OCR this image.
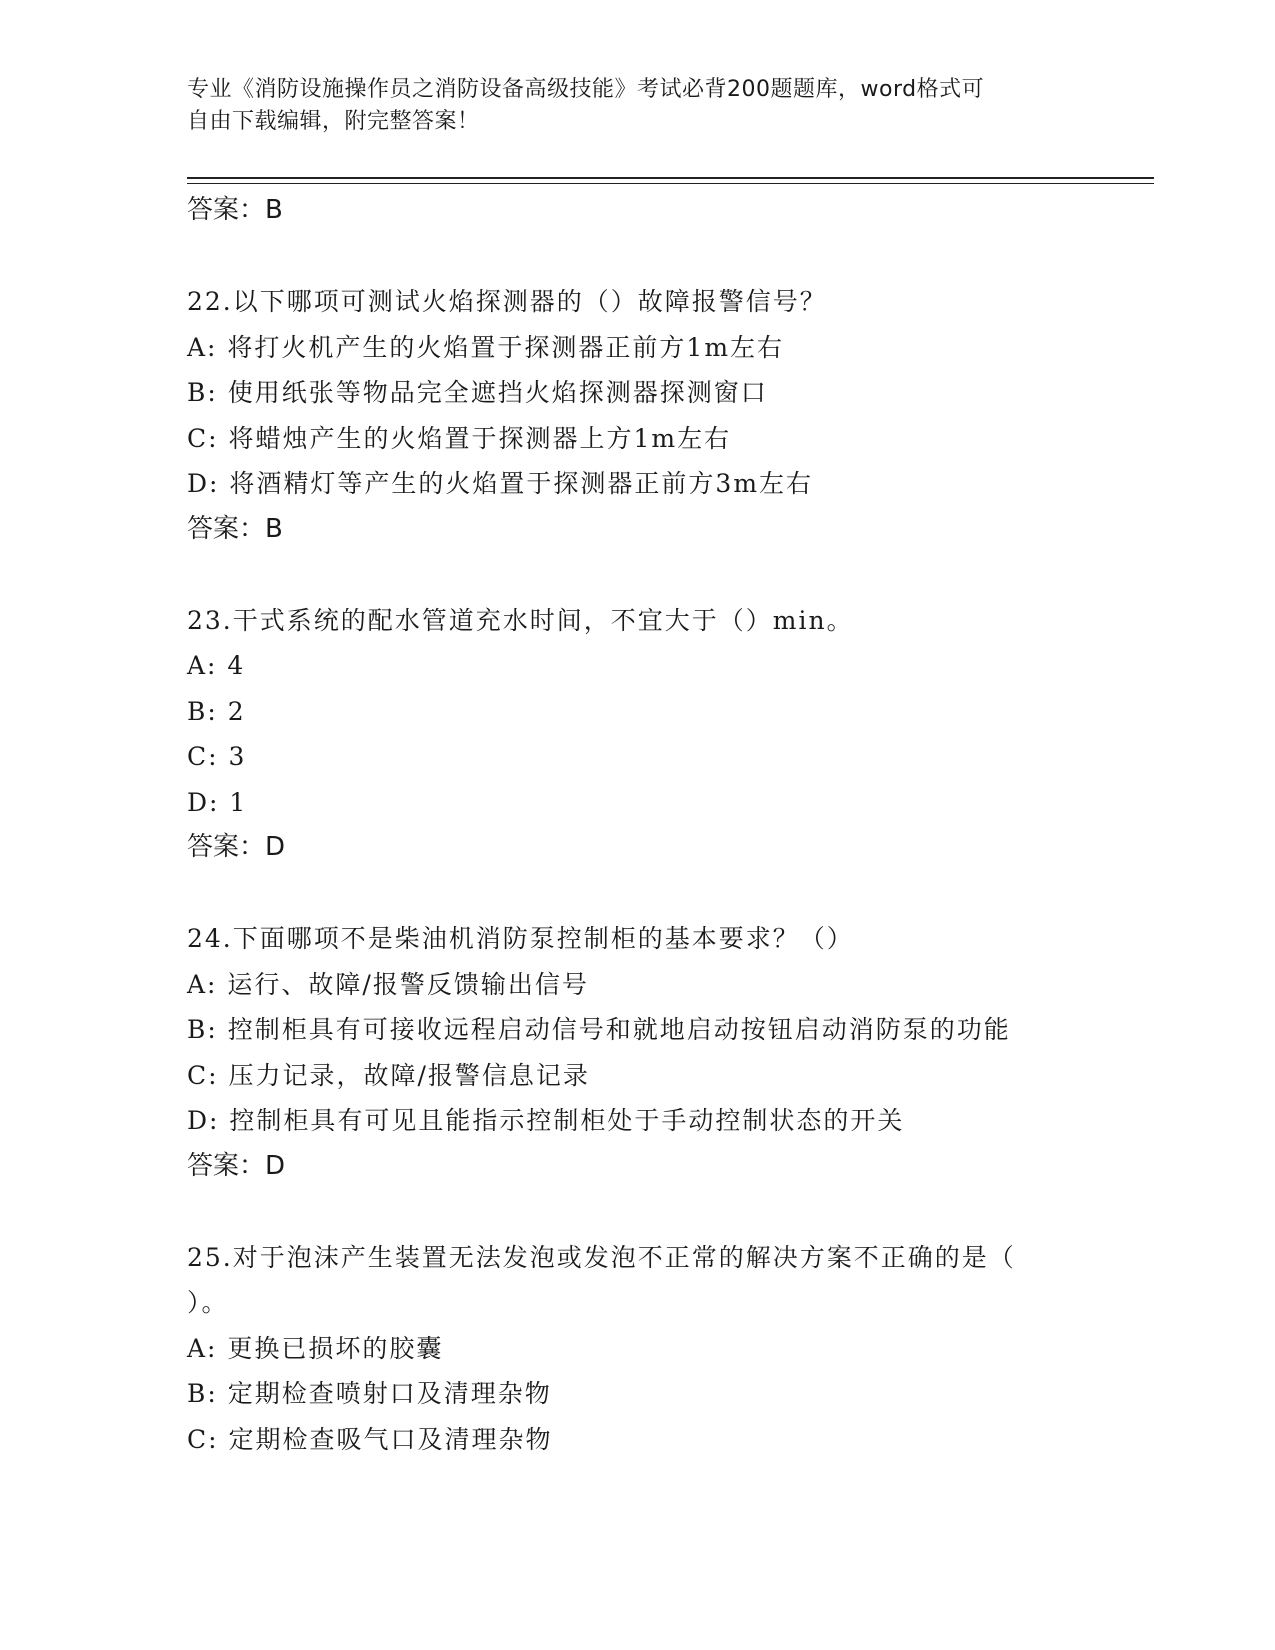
专业《消防设施操作员之消防设备高级技能》考试必背200题题库，word格式可
自由下载编辑，附完整答案！
答案：B
22.以下哪项可测试火焰探测器的（）故障报警信号？
A: 将打火机产生的火焰置于探测器正前方1m左右
B: 使用纸张等物品完全遮挡火焰探测器探测窗口
C: 将蜡烛产生的火焰置于探测器上方1m左右
D: 将酒精灯等产生的火焰置于探测器正前方3m左右
答案：B
23.干式系统的配水管道充水时间，不宜大于（）min。
A: 4
B: 2
C: 3
D: 1
答案：D
24.下面哪项不是柴油机消防泵控制柜的基本要求？（）
A: 运行、故障/报警反馈输出信号
B: 控制柜具有可接收远程启动信号和就地启动按钮启动消防泵的功能
C: 压力记录，故障/报警信息记录
D: 控制柜具有可见且能指示控制柜处于手动控制状态的开关
答案：D
25.对于泡沫产生装置无法发泡或发泡不正常的解决方案不正确的是（
）。
A: 更换已损坏的胶囊
B: 定期检查喷射口及清理杂物
C: 定期检查吸气口及清理杂物
